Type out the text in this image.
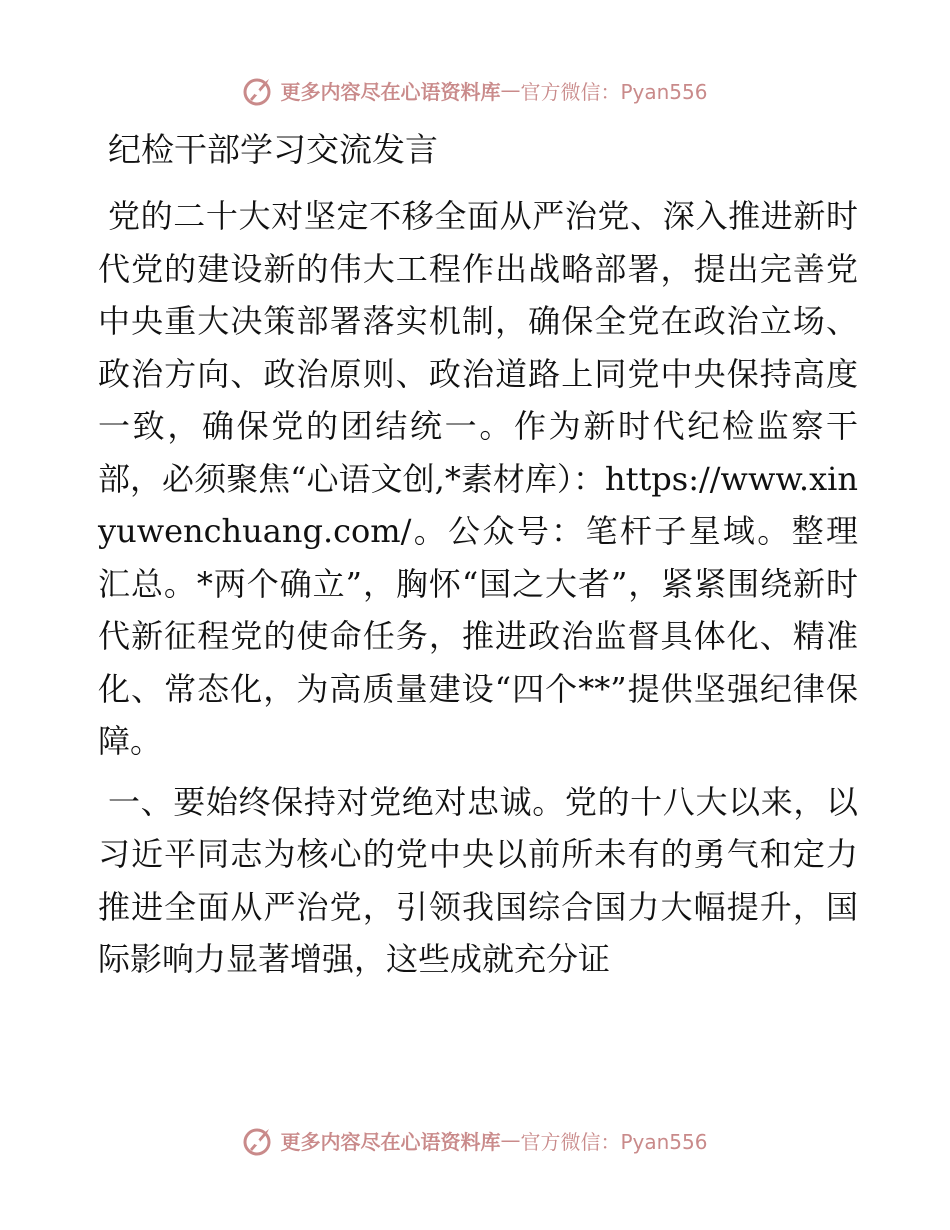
更多内容尽在心语资料库 — 官方微信：Pyan556
纪检干部学习交流发言

党的二十大对坚定不移全面从严治党、深入推进新时代党的建设新的伟大工程作出战略部署，提出完善党中央重大决策部署落实机制，确保全党在政治立场、政治方向、政治原则、政治道路上同党中央保持高度一致，确保党的团结统一。作为新时代纪检监察干部，必须聚焦“心语文创,*素材库）：https://www.xinyuwenchuang.com/。公众号：笔杆子星域。整理汇总。*两个确立”，胸怀“国之大者”，紧紧围绕新时代新征程党的使命任务，推进政治监督具体化、精准化、常态化，为高质量建设“四个**”提供坚强纪律保障。

一、要始终保持对党绝对忠诚。党的十八大以来，以习近平同志为核心的党中央以前所未有的勇气和定力推进全面从严治党，引领我国综合国力大幅提升，国际影响力显著增强，这些成就充分证

更多内容尽在心语资料库 — 官方微信：Pyan556
